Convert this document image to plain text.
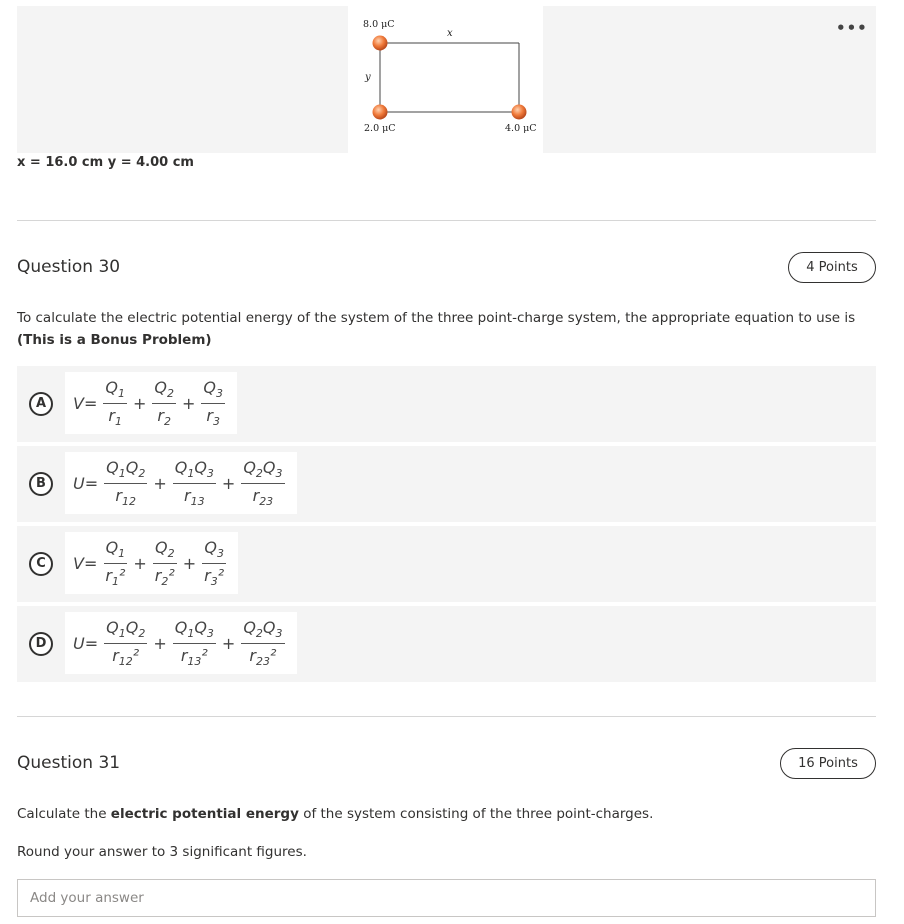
8.0 μC
2.0 μC	4.0 μC
x
y
•••
x = 16.0 cm y = 4.00 cm
Question 30	4 Points
To calculate the electric potential energy of the system of the three point-charge system, the appropriate equation to use is
(This is a Bonus Problem)
A	$V= \frac{Q_1}{r_1} + \frac{Q_2}{r_2} + \frac{Q_3}{r_3}$
B	$U= \frac{Q_1Q_2}{r_{12}} + \frac{Q_1Q_3}{r_{13}} + \frac{Q_2Q_3}{r_{23}}$
C	$V= \frac{Q_1}{r_1^2} + \frac{Q_2}{r_2^2} + \frac{Q_3}{r_3^2}$
D	$U= \frac{Q_1Q_2}{r_{12}^2} + \frac{Q_1Q_3}{r_{13}^2} + \frac{Q_2Q_3}{r_{23}^2}$
Question 31	16 Points
Calculate the electric potential energy of the system consisting of the three point-charges.
Round your answer to 3 significant figures.
Add your answer
